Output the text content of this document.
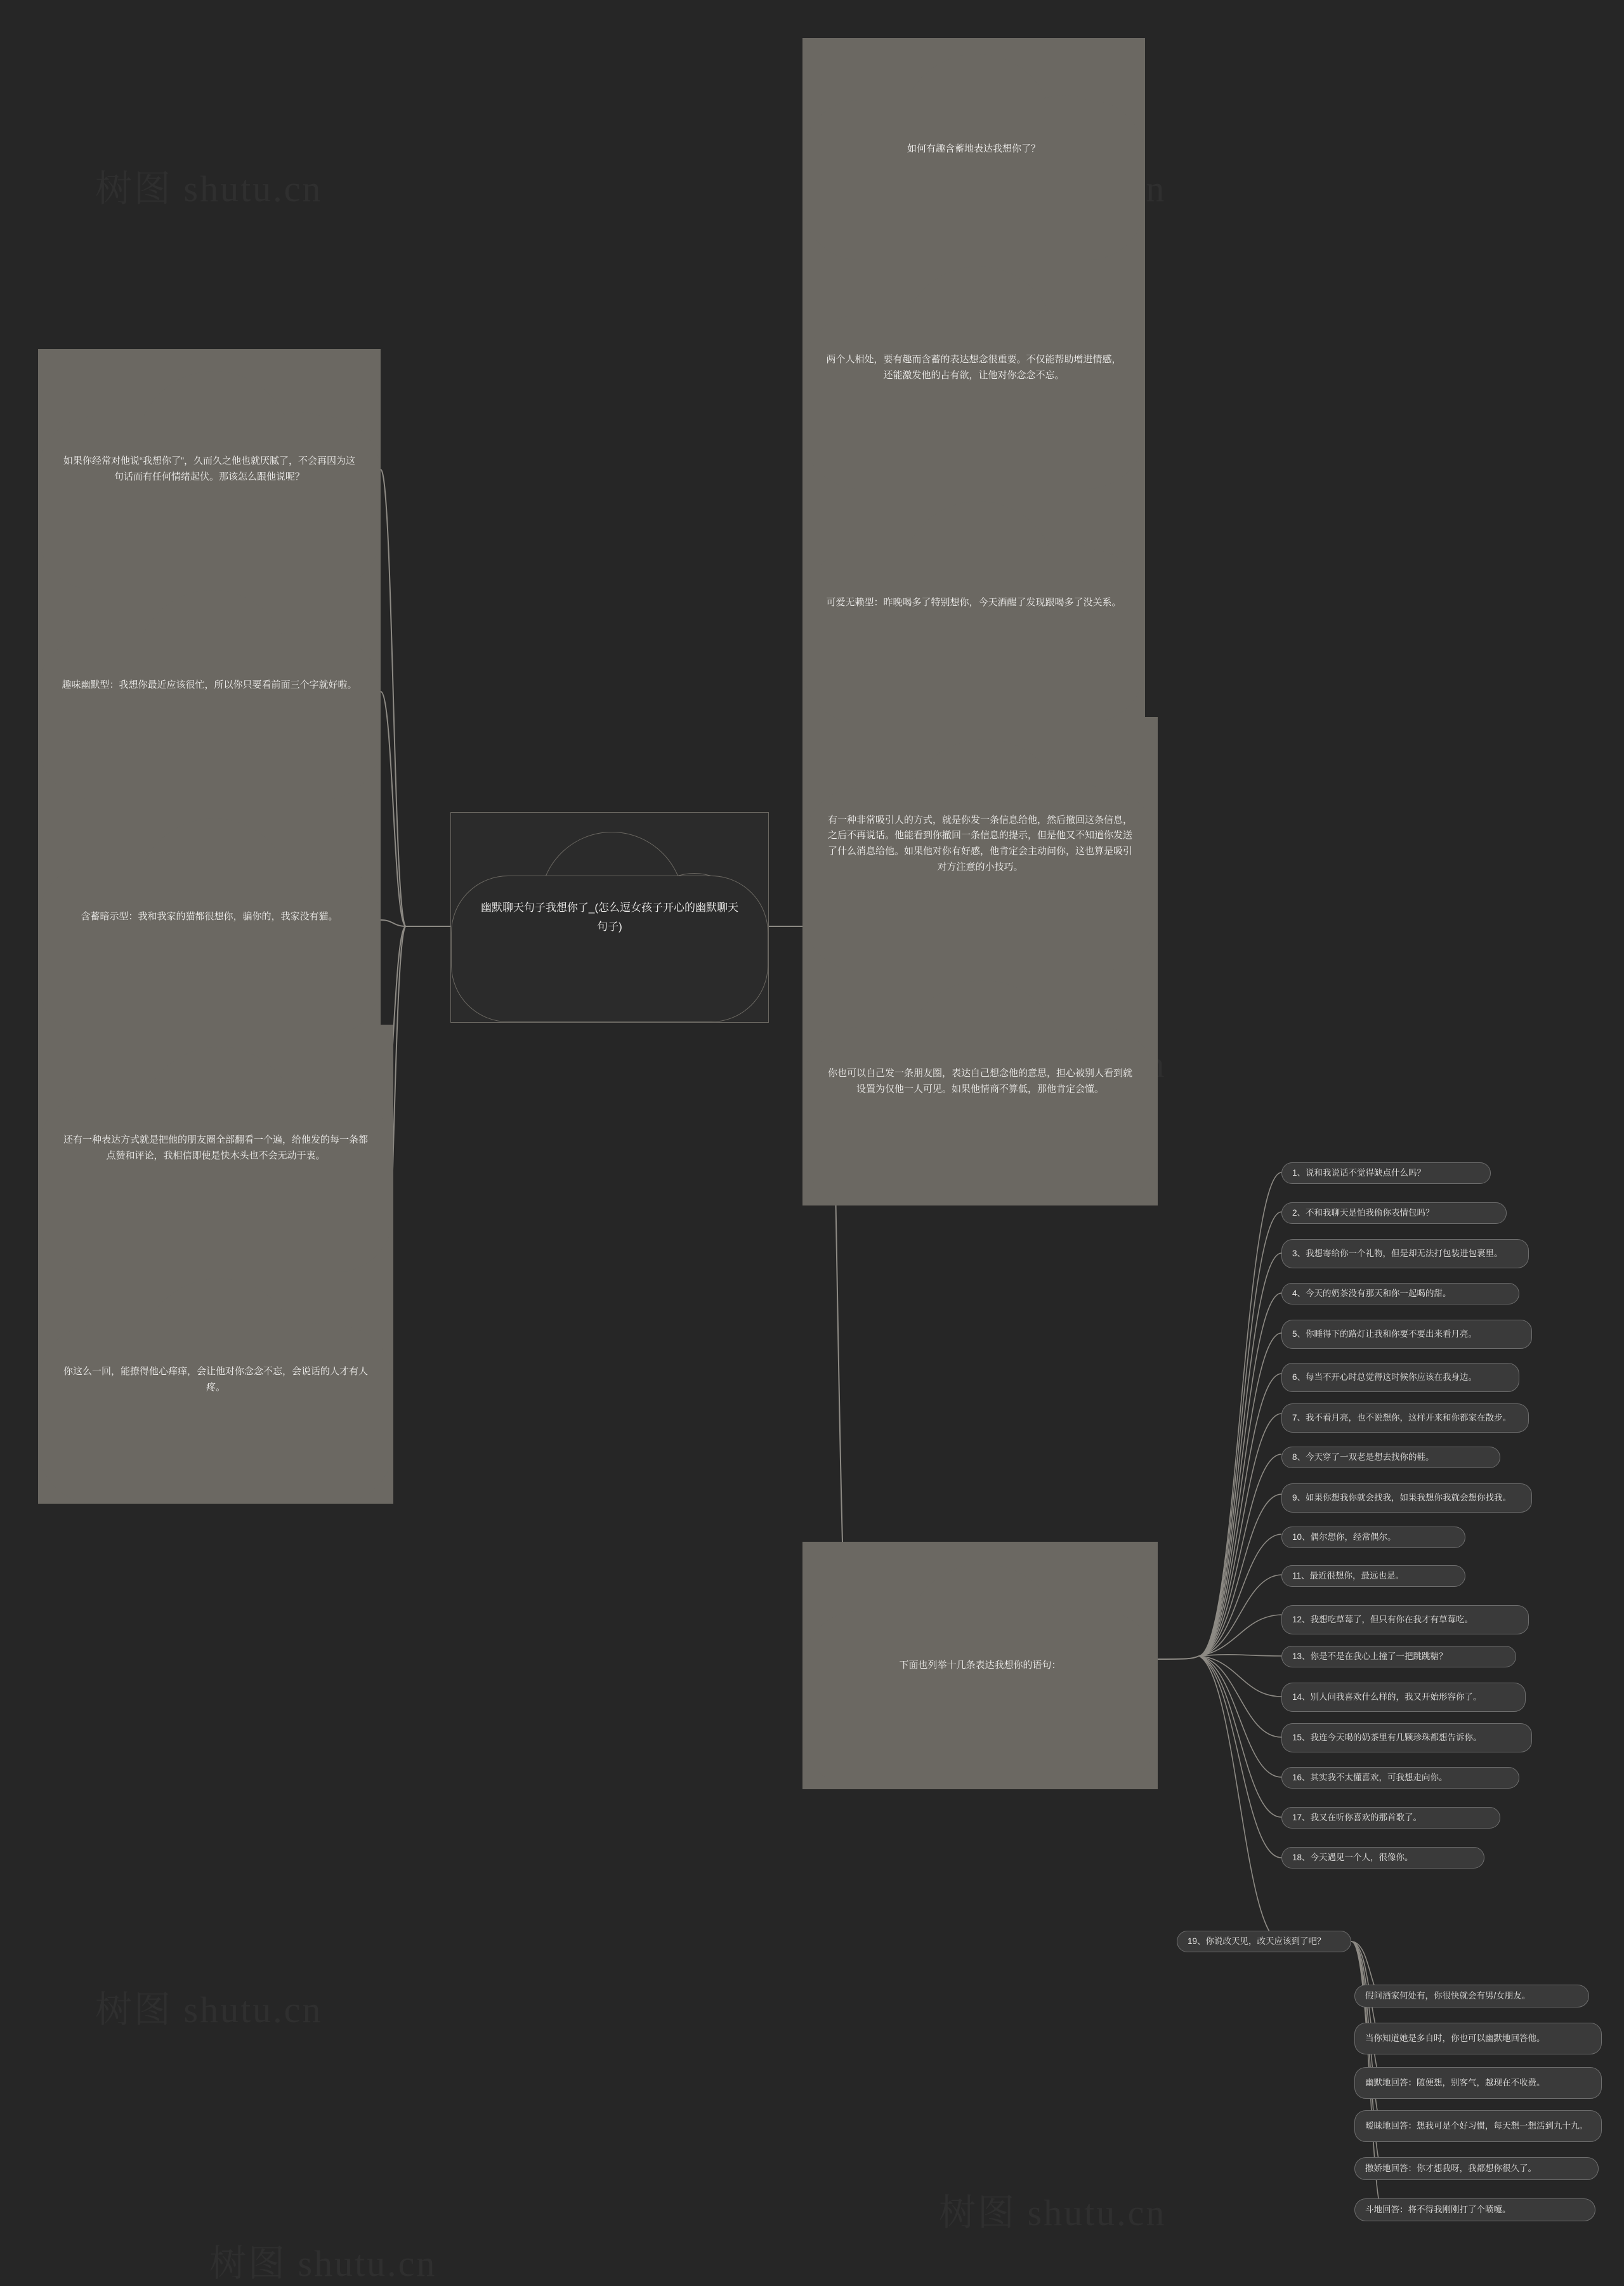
如果你经常对他说“我想你了”，久而久之他也就厌腻了，不会再因为这句话而有任何情绪起伏。那该怎么跟他说呢？
趣味幽默型：我想你最近应该很忙，所以你只要看前面三个字就好啦。
含蓄暗示型：我和我家的猫都很想你，骗你的，我家没有猫。
还有一种表达方式就是把他的朋友圈全部翻看一个遍，给他发的每一条都点赞和评论，我相信即使是快木头也不会无动于衷。
你这么一回，能撩得他心痒痒，会让他对你念念不忘，会说话的人才有人疼。
幽默聊天句子我想你了_(怎么逗女孩子开心的幽默聊天句子)
如何有趣含蓄地表达我想你了？
两个人相处，要有趣而含蓄的表达想念很重要。不仅能帮助增进情感，还能激发他的占有欲，让他对你念念不忘。
可爱无赖型：昨晚喝多了特别想你，今天酒醒了发现跟喝多了没关系。
有一种非常吸引人的方式，就是你发一条信息给他，然后撤回这条信息，之后不再说话。他能看到你撤回一条信息的提示，但是他又不知道你发送了什么消息给他。如果他对你有好感，他肯定会主动问你，这也算是吸引对方注意的小技巧。
你也可以自己发一条朋友圈，表达自己想念他的意思，担心被别人看到就设置为仅他一人可见。如果他情商不算低，那他肯定会懂。
下面也列举十几条表达我想你的语句：
1、说和我说话不觉得缺点什么吗？
2、不和我聊天是怕我偷你表情包吗？
3、我想寄给你一个礼物，但是却无法打包装进包裹里。
4、今天的奶茶没有那天和你一起喝的甜。
5、你睡得下的路灯让我和你要不要出来看月亮。
6、每当不开心时总觉得这时候你应该在我身边。
7、我不看月亮，也不说想你，这样开来和你都家在散步。
8、今天穿了一双老是想去找你的鞋。
9、如果你想我你就会找我，如果我想你我就会想你找我。
10、偶尔想你，经常偶尔。
11、最近很想你，最远也是。
12、我想吃草莓了，但只有你在我才有草莓吃。
13、你是不是在我心上撞了一把跳跳糖？
14、别人问我喜欢什么样的，我又开始形容你了。
15、我连今天喝的奶茶里有几颗珍珠都想告诉你。
16、其实我不太懂喜欢，可我想走向你。
17、我又在听你喜欢的那首歌了。
18、今天遇见一个人，很像你。
19、你说改天见，改天应该到了吧？
假问酒家何处有，你很快就会有男/女朋友。
当你知道她是多自时，你也可以幽默地回答他。
幽默地回答：随便想，别客气，越现在不收费。
暧昧地回答：想我可是个好习惯，每天想一想活到九十九。
撒娇地回答：你才想我呀，我都想你很久了。
斗地回答：将不得我刚刚打了个喷嚏。
